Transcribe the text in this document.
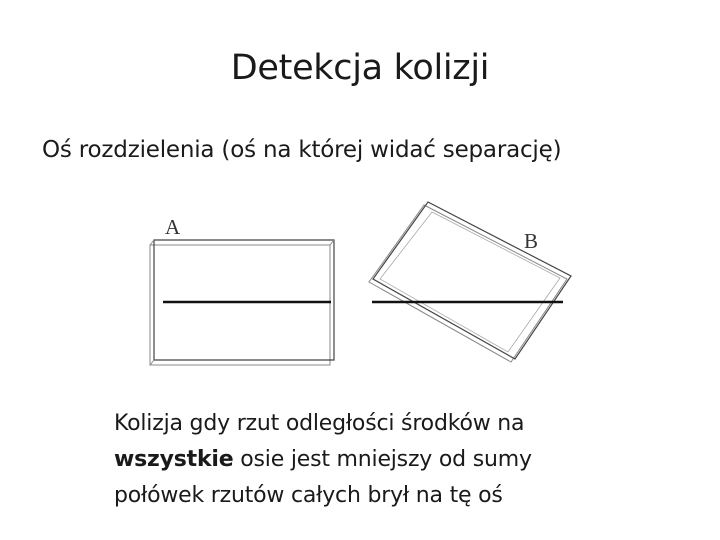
Detekcja kolizji
Oś rozdzielenia (oś na której widać separację)
A
B

Kolizja gdy rzut odległości środków na

wszystkie osie jest mniejszy od sumy

połówek rzutów całych brył na tę oś
